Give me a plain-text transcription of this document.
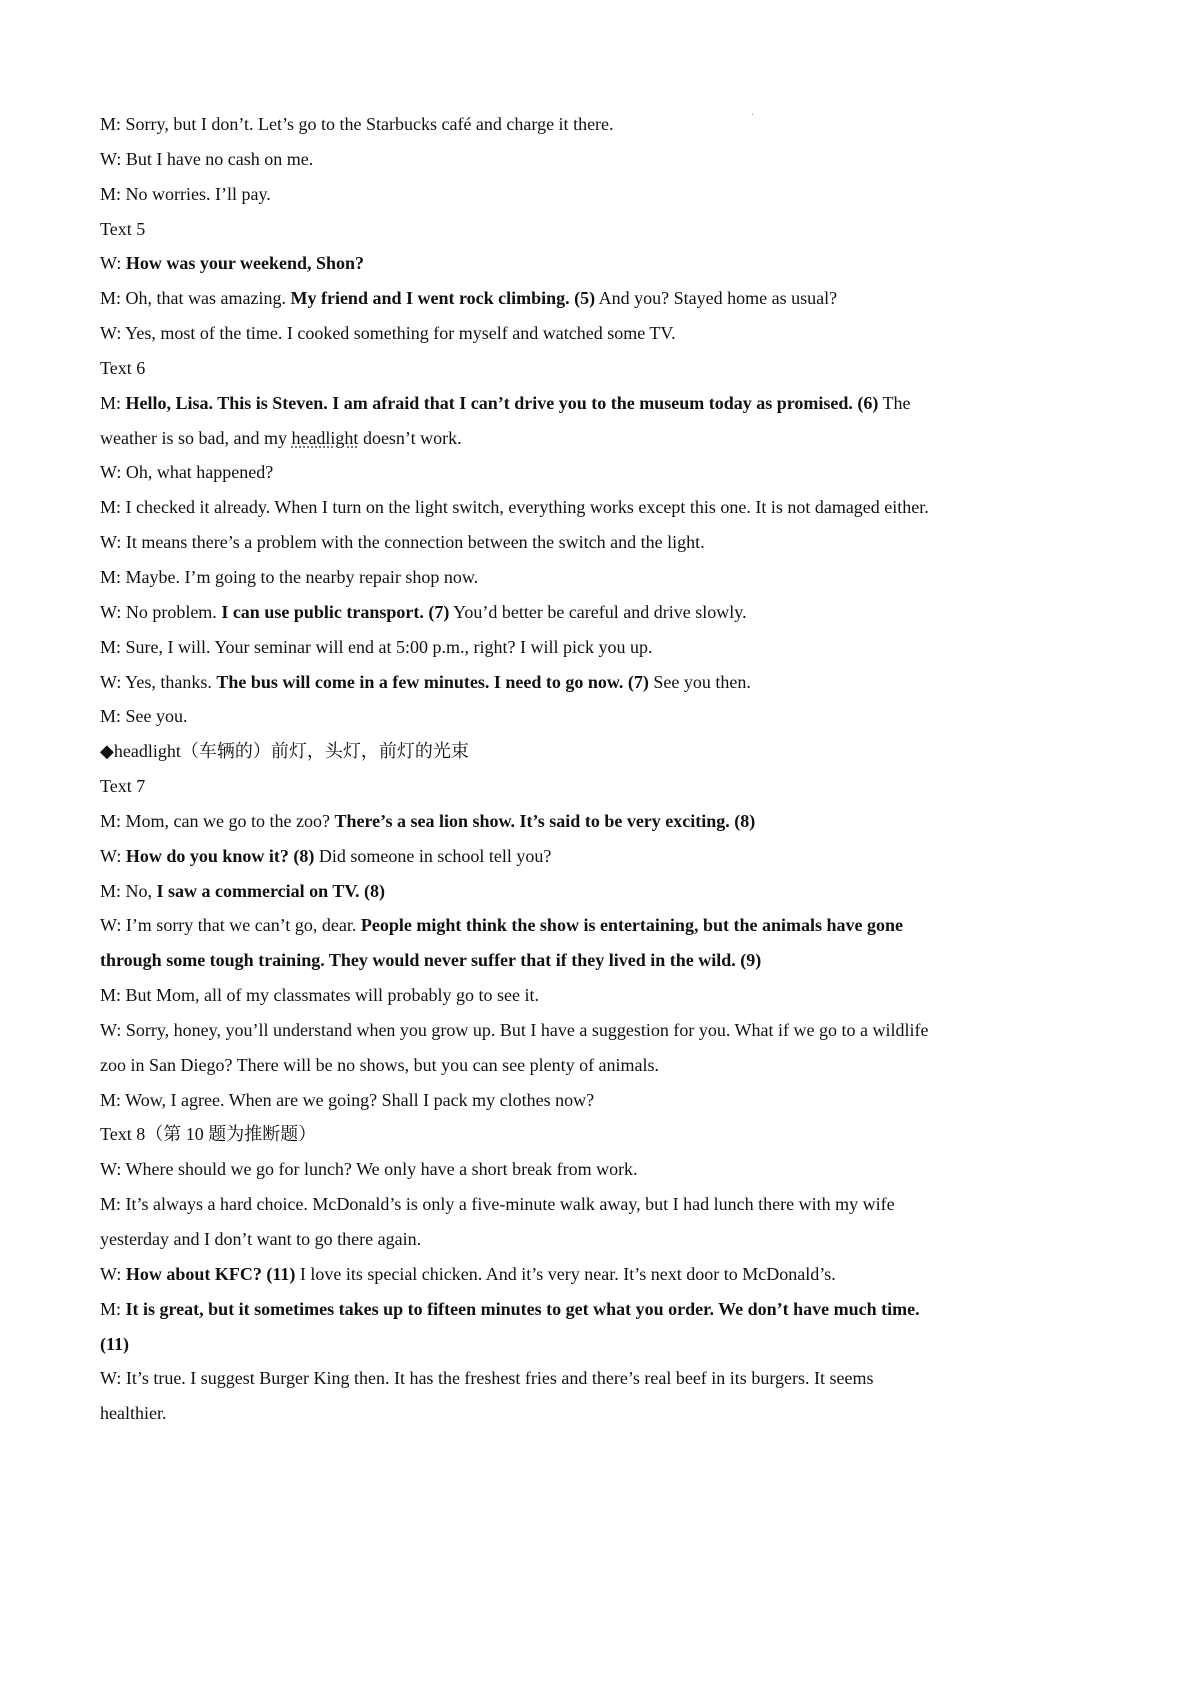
'
M: Sorry, but I don’t. Let’s go to the Starbucks café and charge it there.
W: But I have no cash on me.
M: No worries. I’ll pay.
Text 5
W: How was your weekend, Shon?
M: Oh, that was amazing. My friend and I went rock climbing. (5) And you? Stayed home as usual?
W: Yes, most of the time. I cooked something for myself and watched some TV.
Text 6
M: Hello, Lisa. This is Steven. I am afraid that I can’t drive you to the museum today as promised. (6) The
weather is so bad, and my headlight doesn’t work.
W: Oh, what happened?
M: I checked it already. When I turn on the light switch, everything works except this one. It is not damaged either.
W: It means there’s a problem with the connection between the switch and the light.
M: Maybe. I’m going to the nearby repair shop now.
W: No problem. I can use public transport. (7) You’d better be careful and drive slowly.
M: Sure, I will. Your seminar will end at 5:00 p.m., right? I will pick you up.
W: Yes, thanks. The bus will come in a few minutes. I need to go now. (7) See you then.
M: See you.
◆headlight（车辆的）前灯，头灯，前灯的光束
Text 7
M: Mom, can we go to the zoo? There’s a sea lion show. It’s said to be very exciting. (8)
W: How do you know it? (8) Did someone in school tell you?
M: No, I saw a commercial on TV. (8)
W: I’m sorry that we can’t go, dear. People might think the show is entertaining, but the animals have gone
through some tough training. They would never suffer that if they lived in the wild. (9)
M: But Mom, all of my classmates will probably go to see it.
W: Sorry, honey, you’ll understand when you grow up. But I have a suggestion for you. What if we go to a wildlife
zoo in San Diego? There will be no shows, but you can see plenty of animals.
M: Wow, I agree. When are we going? Shall I pack my clothes now?
Text 8（第 10 题为推断题）
W: Where should we go for lunch? We only have a short break from work.
M: It’s always a hard choice. McDonald’s is only a five-minute walk away, but I had lunch there with my wife
yesterday and I don’t want to go there again.
W: How about KFC? (11) I love its special chicken. And it’s very near. It’s next door to McDonald’s.
M: It is great, but it sometimes takes up to fifteen minutes to get what you order. We don’t have much time.
(11)
W: It’s true. I suggest Burger King then. It has the freshest fries and there’s real beef in its burgers. It seems
healthier.
